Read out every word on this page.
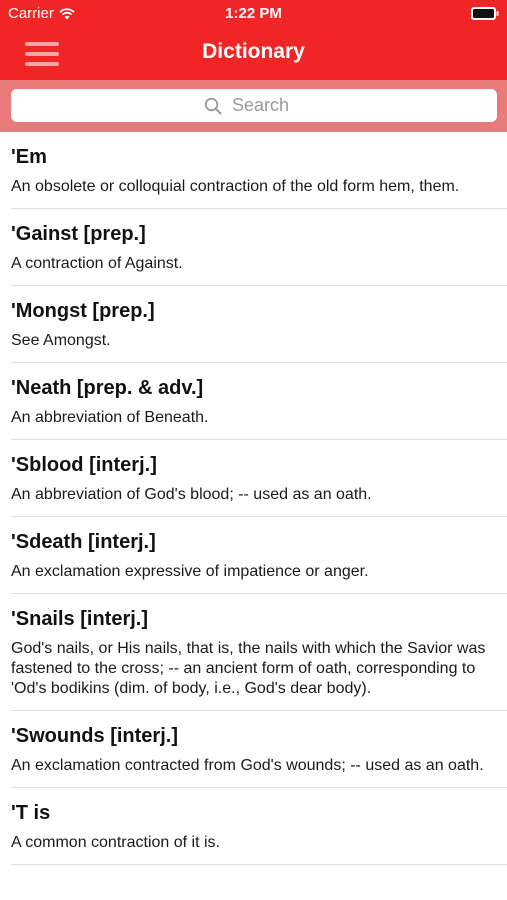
Carrier	1:22 PM
Dictionary
Search
'Em
An obsolete or colloquial contraction of the old form hem, them.
'Gainst [prep.]
A contraction of Against.
'Mongst [prep.]
See Amongst.
'Neath [prep. & adv.]
An abbreviation of Beneath.
'Sblood [interj.]
An abbreviation of God's blood; -- used as an oath.
'Sdeath [interj.]
An exclamation expressive of impatience or anger.
'Snails [interj.]
God's nails, or His nails, that is, the nails with which the Savior was fastened to the cross; -- an ancient form of oath, corresponding to 'Od's bodikins (dim. of body, i.e., God's dear body).
'Swounds [interj.]
An exclamation contracted from God's wounds; -- used as an oath.
'T is
A common contraction of it is.
